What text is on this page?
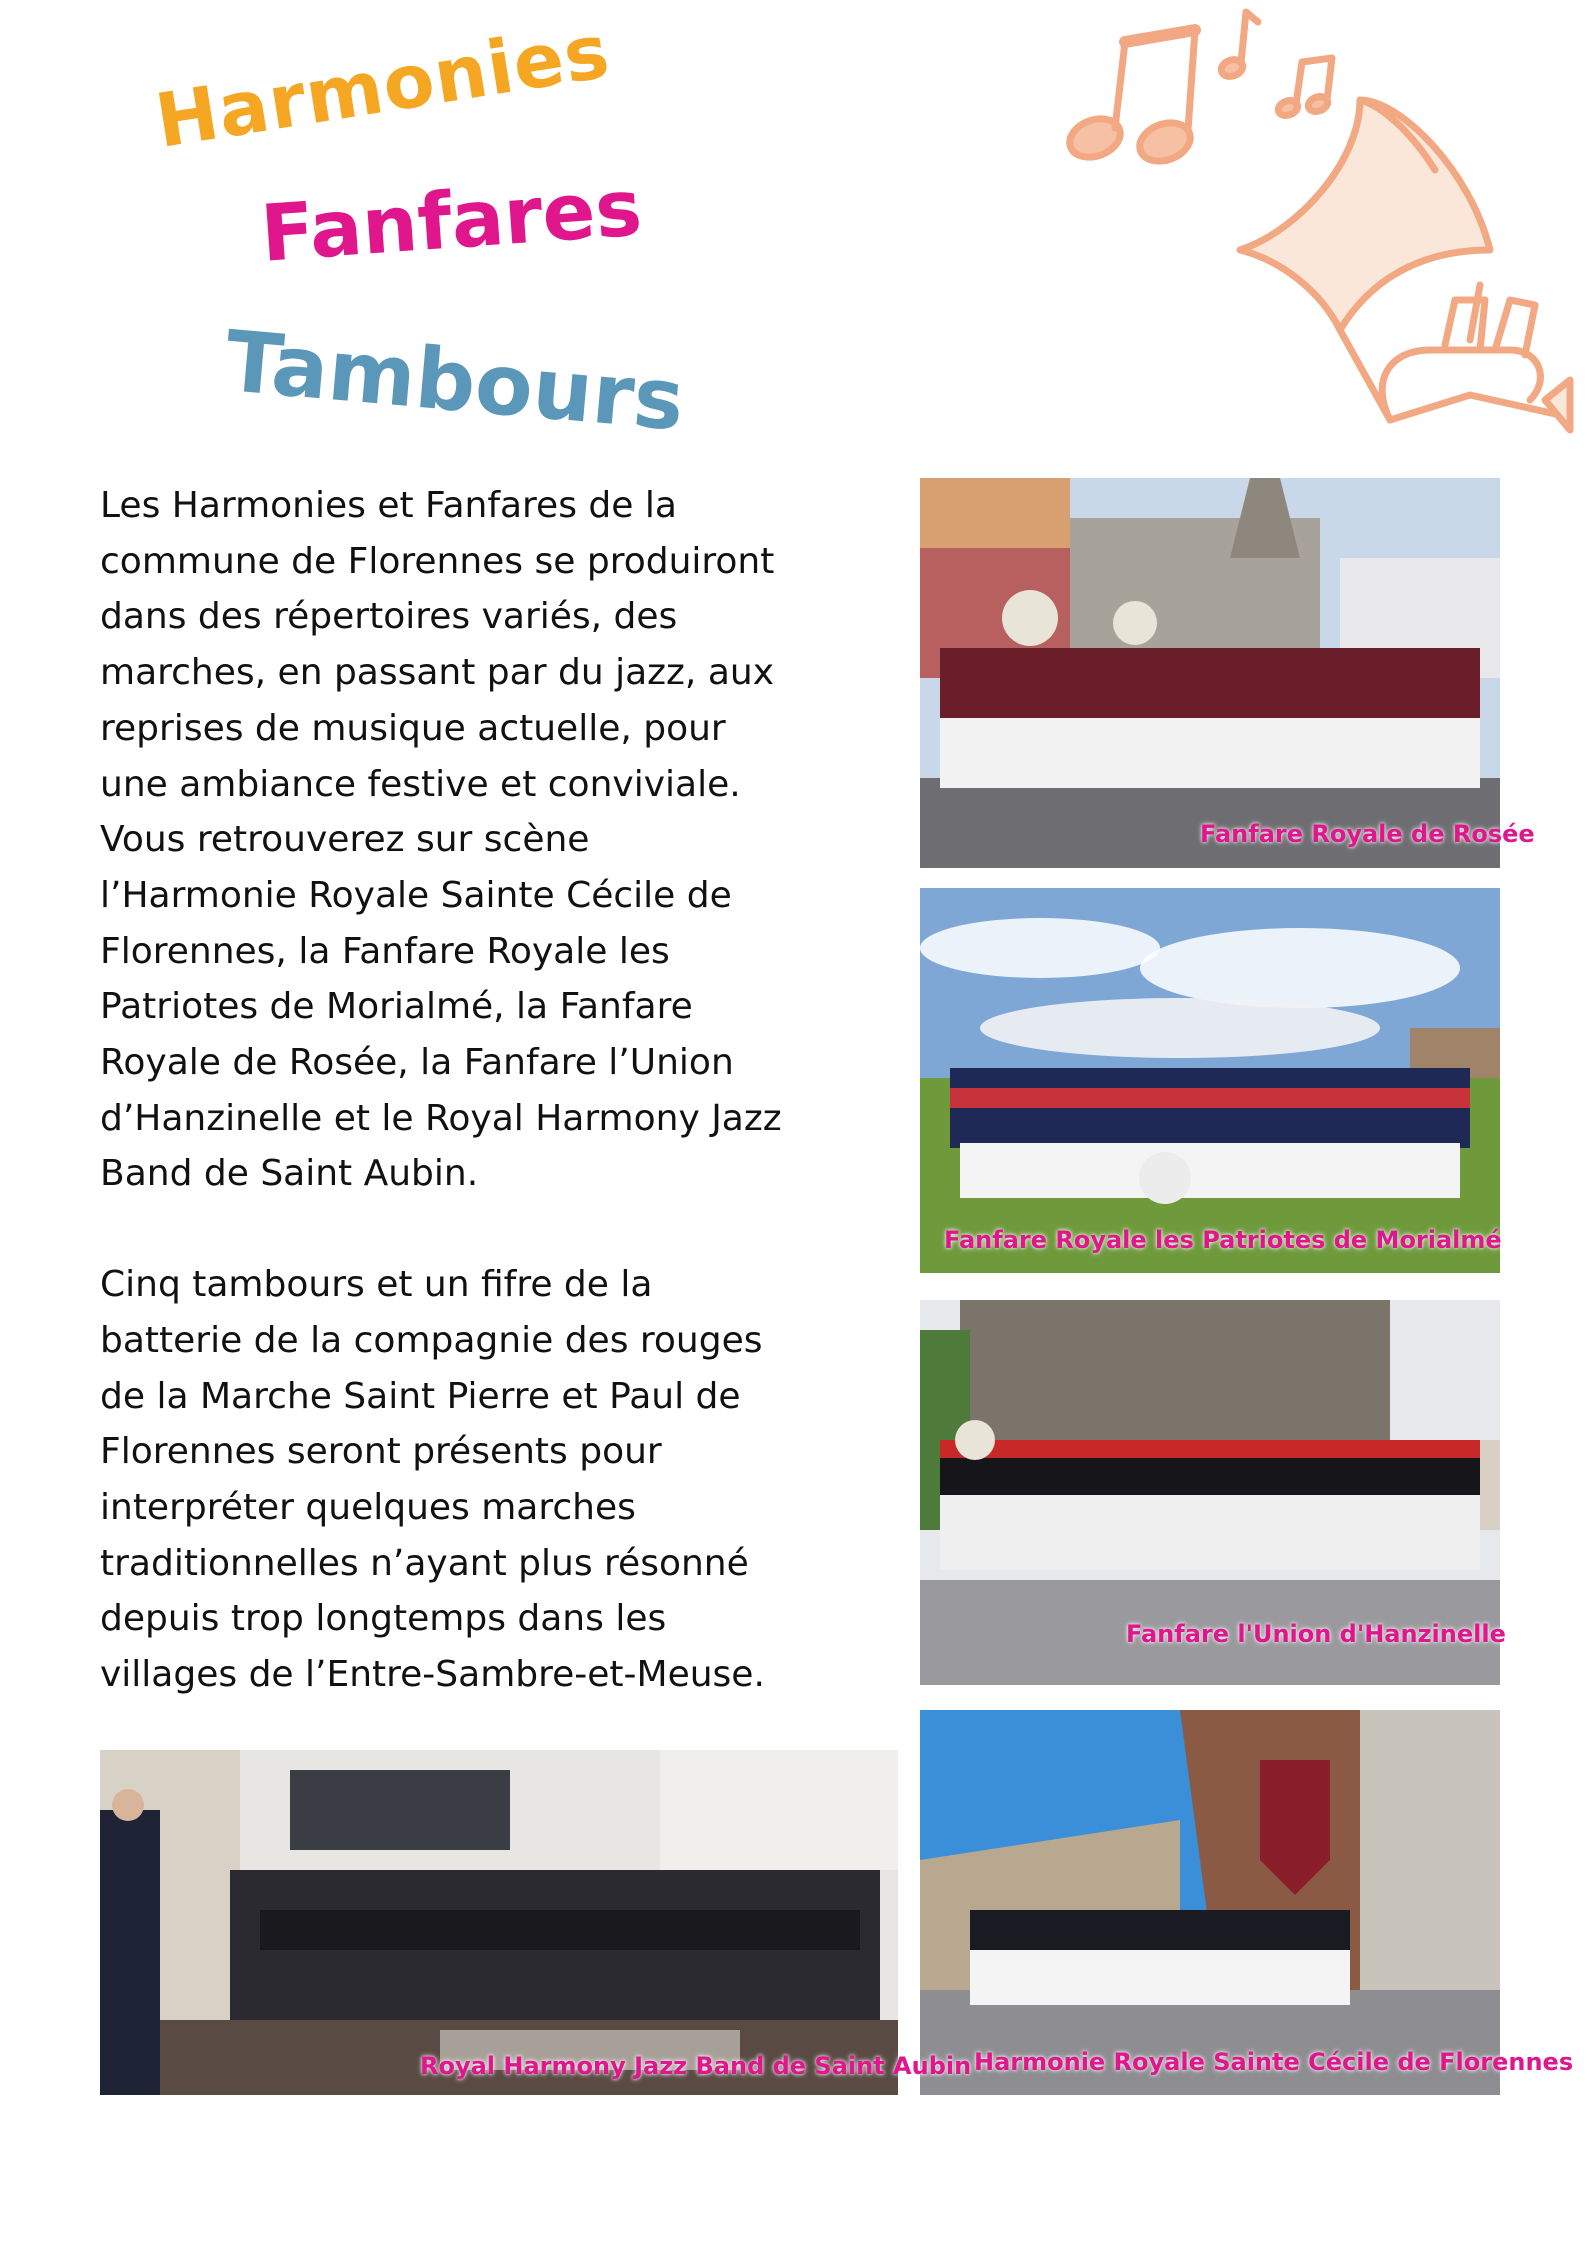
Harmonies
Fanfares
Tambours

Les Harmonies et Fanfares de la commune de Florennes se produiront dans des répertoires variés, des marches, en passant par du jazz, aux reprises de musique actuelle, pour une ambiance festive et conviviale. Vous retrouverez sur scène l’Harmonie Royale Sainte Cécile de Florennes, la Fanfare Royale les Patriotes de Morialmé, la Fanfare Royale de Rosée, la Fanfare l’Union d’Hanzinelle et le Royal Harmony Jazz Band de Saint Aubin.

Cinq tambours et un fifre de la batterie de la compagnie des rouges de la Marche Saint Pierre et Paul de Florennes seront présents pour interpréter quelques marches traditionnelles n’ayant plus résonné depuis trop longtemps dans les villages de l’Entre-Sambre-et-Meuse.

Fanfare Royale de Rosée
Fanfare Royale les Patriotes de Morialmé
Fanfare l'Union d'Hanzinelle
Harmonie Royale Sainte Cécile de Florennes
Royal Harmony Jazz Band de Saint Aubin
